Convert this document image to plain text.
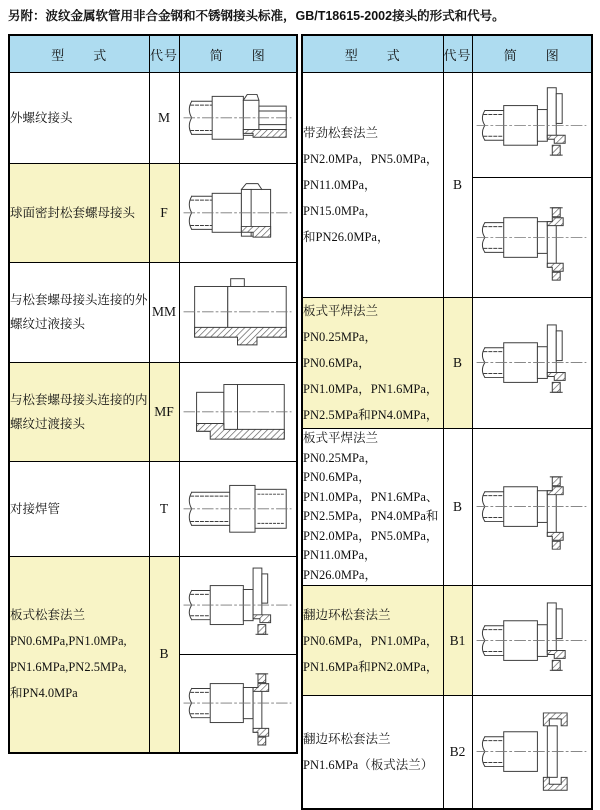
另附：波纹金属软管用非合金钢和不锈钢接头标准，GB/T18615-2002接头的形式和代号。
型　　式	代号	简　　图

外螺纹接头	M	

球面密封松套螺母接头	F	

与松套螺母接头连接的外螺纹过液接头	MM	

与松套螺母接头连接的内螺纹过渡接头	MF	

对接焊管	T	

板式松套法兰
PN0.6MPa,PN1.0MPa,
PN1.6MPa,PN2.5MPa,
和PN4.0MPa	B	
型　　式	代号	简　　图

带劲松套法兰
PN2.0MPa，PN5.0MPa，
PN11.0MPa，PN15.0MPa，
和PN26.0MPa，	B	

板式平焊法兰
PN0.25MPa，PN0.6MPa，
PN1.0MPa，PN1.6MPa，
PN2.5MPa和PN4.0MPa，	B	

板式平焊法兰
PN0.25MPa，PN0.6MPa，
PN1.0MPa，PN1.6MPa、
PN2.5MPa，PN4.0MPa和
PN2.0MPa，PN5.0MPa，
PN11.0MPa，PN26.0MPa，
	B	

翻边环松套法兰
PN0.6MPa，PN1.0MPa，
PN1.6MPa和PN2.0MPa，	B1	

翻边环松套法兰
PN1.6MPa（板式法兰）	B2	
